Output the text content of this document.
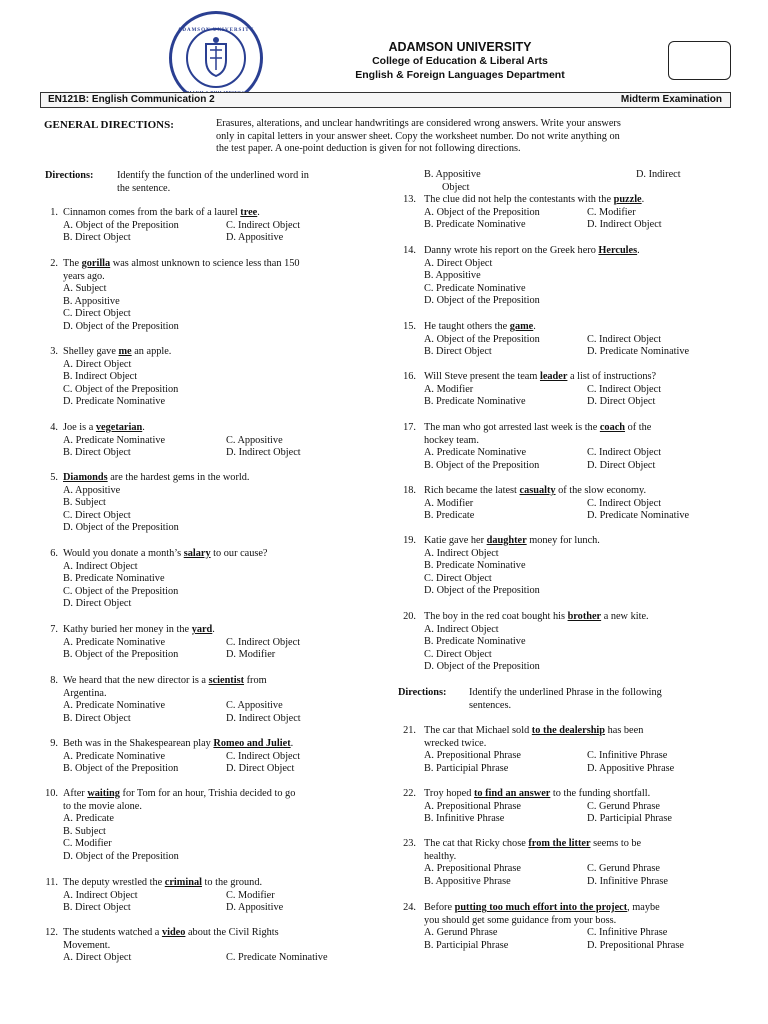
ADAMSON UNIVERSITY
ADAMSON UNIVERSITY
College of Education & Liberal Arts
English & Foreign Languages Department
EN121B: English Communication 2	Midterm Examination
GENERAL DIRECTIONS:	Erasures, alterations, and unclear handwritings are considered wrong answers. Write your answers
only in capital letters in your answer sheet. Copy the worksheet number. Do not write anything on
the test paper. A one-point deduction is given for not following directions.
Directions: Identify the function of the underlined word in
the sentence.
1. Cinnamon comes from the bark of a laurel tree.
A. Object of the Preposition	C. Indirect Object
B. Direct Object	D. Appositive
2. The gorilla was almost unknown to science less than 150
years ago.
A. Subject
B. Appositive
C. Direct Object
D. Object of the Preposition
3. Shelley gave me an apple.
A. Direct Object
B. Indirect Object
C. Object of the Preposition
D. Predicate Nominative
4. Joe is a vegetarian.
A. Predicate Nominative	C. Appositive
B. Direct Object	D. Indirect Object
5. Diamonds are the hardest gems in the world.
A. Appositive
B. Subject
C. Direct Object
D. Object of the Preposition
6. Would you donate a month’s salary to our cause?
A. Indirect Object
B. Predicate Nominative
C. Object of the Preposition
D. Direct Object
7. Kathy buried her money in the yard.
A. Predicate Nominative	C. Indirect Object
B. Object of the Preposition	D. Modifier
8. We heard that the new director is a scientist from
Argentina.
A. Predicate Nominative	C. Appositive
B. Direct Object	D. Indirect Object
9. Beth was in the Shakespearean play Romeo and Juliet.
A. Predicate Nominative	C. Indirect Object
B. Object of the Preposition	D. Direct Object
10. After waiting for Tom for an hour, Trishia decided to go
to the movie alone.
A. Predicate
B. Subject
C. Modifier
D. Object of the Preposition
11. The deputy wrestled the criminal to the ground.
A. Indirect Object	C. Modifier
B. Direct Object	D. Appositive
12. The students watched a video about the Civil Rights
Movement.
A. Direct Object	C. Predicate Nominative
B. Appositive	D. Indirect
Object
13. The clue did not help the contestants with the puzzle.
A. Object of the Preposition	C. Modifier
B. Predicate Nominative	D. Indirect Object
14. Danny wrote his report on the Greek hero Hercules.
A. Direct Object
B. Appositive
C. Predicate Nominative
D. Object of the Preposition
15. He taught others the game.
A. Object of the Preposition	C. Indirect Object
B. Direct Object	D. Predicate Nominative
16. Will Steve present the team leader a list of instructions?
A. Modifier	C. Indirect Object
B. Predicate Nominative	D. Direct Object
17. The man who got arrested last week is the coach of the
hockey team.
A. Predicate Nominative	C. Indirect Object
B. Object of the Preposition	D. Direct Object
18. Rich became the latest casualty of the slow economy.
A. Modifier	C. Indirect Object
B. Predicate	D. Predicate Nominative
19. Katie gave her daughter money for lunch.
A. Indirect Object
B. Predicate Nominative
C. Direct Object
D. Object of the Preposition
20. The boy in the red coat bought his brother a new kite.
A. Indirect Object
B. Predicate Nominative
C. Direct Object
D. Object of the Preposition
Directions: Identify the underlined Phrase in the following
sentences.
21. The car that Michael sold to the dealership has been
wrecked twice.
A. Prepositional Phrase	C. Infinitive Phrase
B. Participial Phrase	D. Appositive Phrase
22. Troy hoped to find an answer to the funding shortfall.
A. Prepositional Phrase	C. Gerund Phrase
B. Infinitive Phrase	D. Participial Phrase
23. The cat that Ricky chose from the litter seems to be
healthy.
A. Prepositional Phrase	C. Gerund Phrase
B. Appositive Phrase	D. Infinitive Phrase
24. Before putting too much effort into the project, maybe
you should get some guidance from your boss.
A. Gerund Phrase	C. Infinitive Phrase
B. Participial Phrase	D. Prepositional Phrase
